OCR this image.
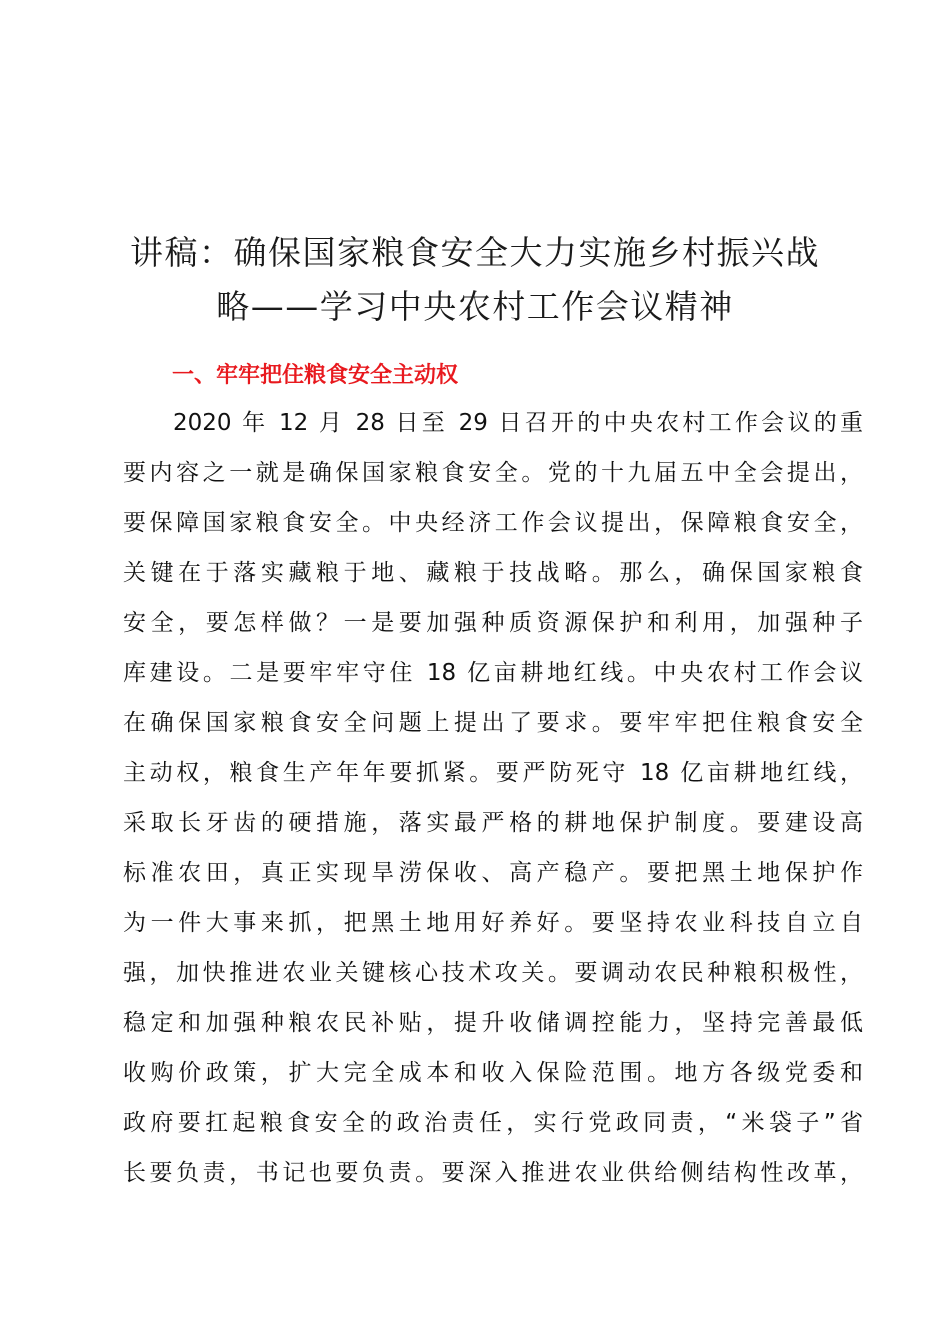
讲稿：确保国家粮食安全大力实施乡村振兴战
略——学习中央农村工作会议精神
一、牢牢把住粮食安全主动权
2020 年 12 月 28 日至 29 日召开的中央农村工作会议的重
要内容之一就是确保国家粮食安全。党的十九届五中全会提出，
要保障国家粮食安全。中央经济工作会议提出，保障粮食安全，
关键在于落实藏粮于地、藏粮于技战略。那么，确保国家粮食
安全，要怎样做？一是要加强种质资源保护和利用，加强种子
库建设。二是要牢牢守住 18 亿亩耕地红线。中央农村工作会议
在确保国家粮食安全问题上提出了要求。要牢牢把住粮食安全
主动权，粮食生产年年要抓紧。要严防死守 18 亿亩耕地红线，
采取长牙齿的硬措施，落实最严格的耕地保护制度。要建设高
标准农田，真正实现旱涝保收、高产稳产。要把黑土地保护作
为一件大事来抓，把黑土地用好养好。要坚持农业科技自立自
强，加快推进农业关键核心技术攻关。要调动农民种粮积极性，
稳定和加强种粮农民补贴，提升收储调控能力，坚持完善最低
收购价政策，扩大完全成本和收入保险范围。地方各级党委和
政府要扛起粮食安全的政治责任，实行党政同责，“米袋子”省
长要负责，书记也要负责。要深入推进农业供给侧结构性改革，
